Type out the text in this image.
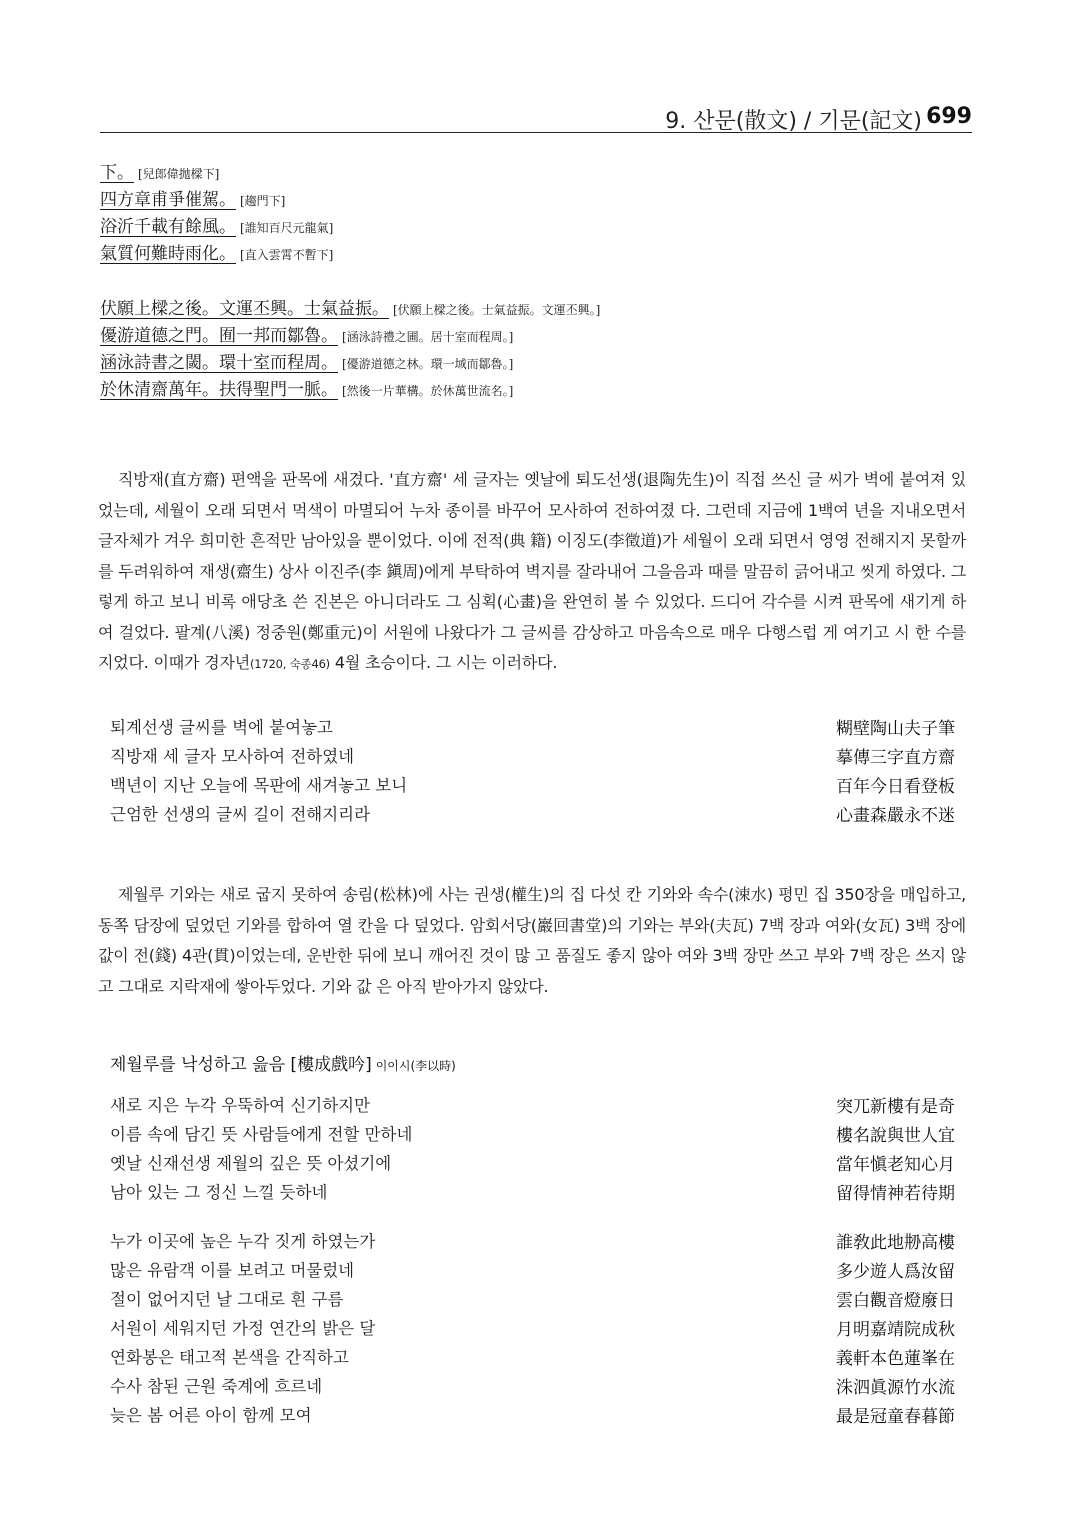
9. 산문(散文) / 기문(記文) 699
下。 [兒郎偉拋樑下]
四方章甫爭催駕。 [趨門下]
浴沂千載有餘風。 [誰知百尺元龍氣]
氣質何難時雨化。 [直入雲霄不暫下]
伏願上樑之後。文運丕興。士氣益振。 [伏願上樑之後。士氣益振。文運丕興。]
優游道德之門。囿一邦而鄒魯。 [涵泳詩禮之圃。居十室而程周。]
涵泳詩書之閾。環十室而程周。 [優游道德之林。環一域而鄒魯。]
於休清齋萬年。扶得聖門一脈。 [然後一片華構。於休萬世流名。]
직방재(直方齋) 편액을 판목에 새겼다. '直方齋' 세 글자는 옛날에 퇴도선생(退陶先生)이 직접 쓰신 글 씨가 벽에 붙여져 있었는데, 세월이 오래 되면서 먹색이 마멸되어 누차 종이를 바꾸어 모사하여 전하여졌 다. 그런데 지금에 1백여 년을 지내오면서 글자체가 겨우 희미한 흔적만 남아있을 뿐이었다. 이에 전적(典 籍) 이징도(李徵道)가 세월이 오래 되면서 영영 전해지지 못할까를 두려워하여 재생(齋生) 상사 이진주(李 鎭周)에게 부탁하여 벽지를 잘라내어 그을음과 때를 말끔히 긁어내고 씻게 하였다. 그렇게 하고 보니 비록 애당초 쓴 진본은 아니더라도 그 심획(心畫)을 완연히 볼 수 있었다. 드디어 각수를 시켜 판목에 새기게 하여 걸었다. 팔계(八溪) 정중원(鄭重元)이 서원에 나왔다가 그 글씨를 감상하고 마음속으로 매우 다행스럽 게 여기고 시 한 수를 지었다. 이때가 경자년(1720, 숙종46) 4월 초승이다. 그 시는 이러하다.
퇴계선생 글씨를 벽에 붙여놓고	糊壁陶山夫子筆
직방재 세 글자 모사하여 전하였네	摹傳三字直方齋
백년이 지난 오늘에 목판에 새겨놓고 보니	百年今日看登板
근엄한 선생의 글씨 길이 전해지리라	心畫森嚴永不迷
제월루 기와는 새로 굽지 못하여 송림(松林)에 사는 권생(權生)의 집 다섯 칸 기와와 속수(涑水) 평민 집 350장을 매입하고, 동쪽 담장에 덮었던 기와를 합하여 열 칸을 다 덮었다. 암회서당(巖回書堂)의 기와는 부와(夫瓦) 7백 장과 여와(女瓦) 3백 장에 값이 전(錢) 4관(貫)이었는데, 운반한 뒤에 보니 깨어진 것이 많 고 품질도 좋지 않아 여와 3백 장만 쓰고 부와 7백 장은 쓰지 않고 그대로 지락재에 쌓아두었다. 기와 값 은 아직 받아가지 않았다.
제월루를 낙성하고 읊음 [樓成戲吟] 이이시(李以時)
새로 지은 누각 우뚝하여 신기하지만	突兀新樓有是奇
이름 속에 담긴 뜻 사람들에게 전할 만하네	樓名說與世人宜
옛날 신재선생 제월의 깊은 뜻 아셨기에	當年愼老知心月
남아 있는 그 정신 느낄 듯하네	留得情神若待期
누가 이곳에 높은 누각 짓게 하였는가	誰敎此地刱高樓
많은 유람객 이를 보려고 머물렀네	多少遊人爲汝留
절이 없어지던 날 그대로 흰 구름	雲白觀音燈廢日
서원이 세워지던 가정 연간의 밝은 달	月明嘉靖院成秋
연화봉은 태고적 본색을 간직하고	義軒本色蓮峯在
수사 참된 근원 죽계에 흐르네	洙泗眞源竹水流
늦은 봄 어른 아이 함께 모여	最是冠童春暮節
